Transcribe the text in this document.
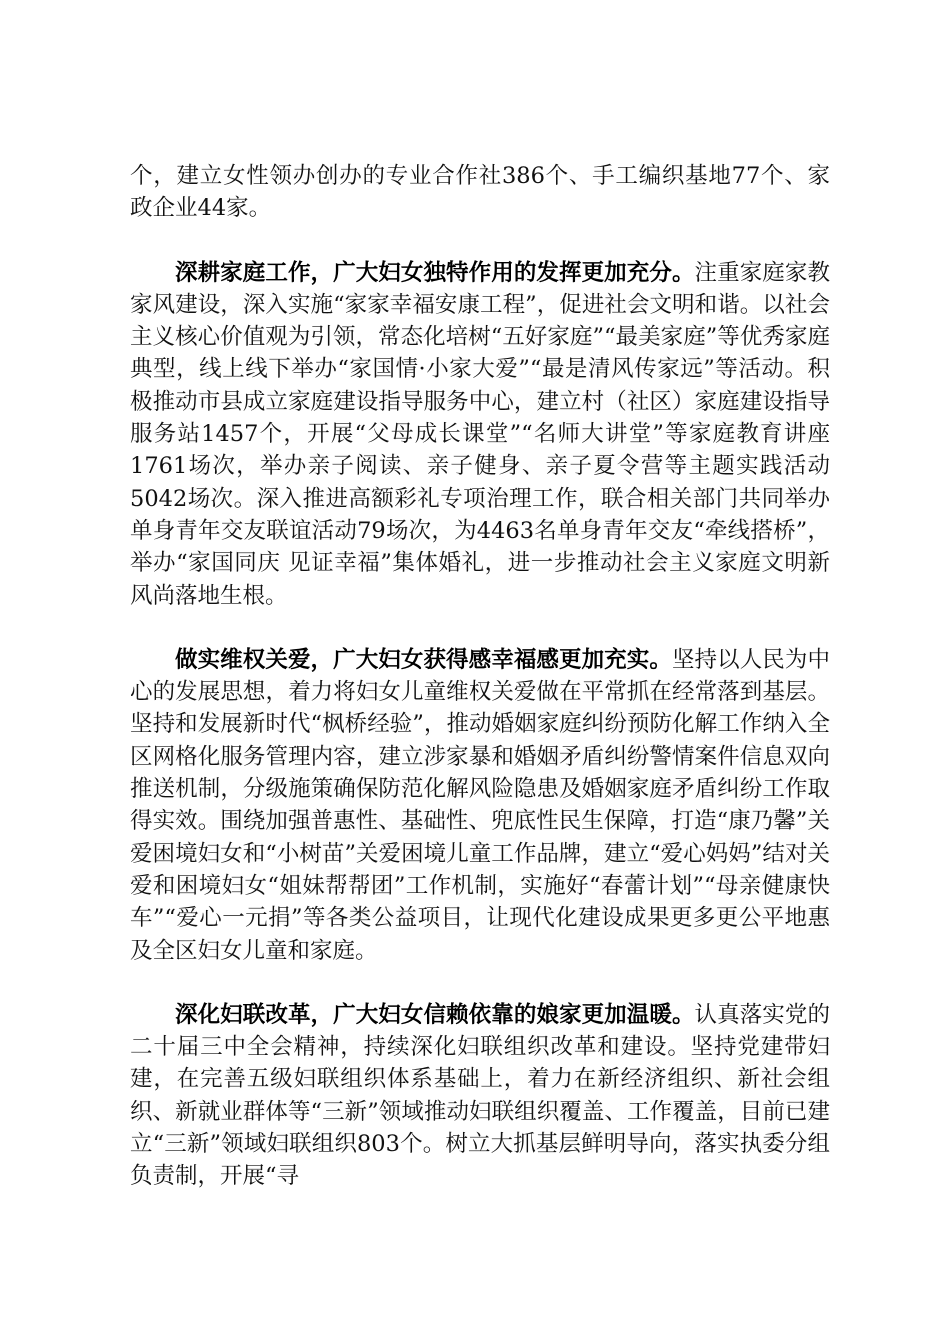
个，建立女性领办创办的专业合作社386个、手工编织基地77个、家政企业44家。

深耕家庭工作，广大妇女独特作用的发挥更加充分。注重家庭家教家风建设，深入实施“家家幸福安康工程”，促进社会文明和谐。以社会主义核心价值观为引领，常态化培树“五好家庭”“最美家庭”等优秀家庭典型，线上线下举办“家国情·小家大爱”“最是清风传家远”等活动。积极推动市县成立家庭建设指导服务中心，建立村（社区）家庭建设指导服务站1457个，开展“父母成长课堂”“名师大讲堂”等家庭教育讲座1761场次，举办亲子阅读、亲子健身、亲子夏令营等主题实践活动5042场次。深入推进高额彩礼专项治理工作，联合相关部门共同举办单身青年交友联谊活动79场次，为4463名单身青年交友“牵线搭桥”，举办“家国同庆 见证幸福”集体婚礼，进一步推动社会主义家庭文明新风尚落地生根。

做实维权关爱，广大妇女获得感幸福感更加充实。坚持以人民为中心的发展思想，着力将妇女儿童维权关爱做在平常抓在经常落到基层。坚持和发展新时代“枫桥经验”，推动婚姻家庭纠纷预防化解工作纳入全区网格化服务管理内容，建立涉家暴和婚姻矛盾纠纷警情案件信息双向推送机制，分级施策确保防范化解风险隐患及婚姻家庭矛盾纠纷工作取得实效。围绕加强普惠性、基础性、兜底性民生保障，打造“康乃馨”关爱困境妇女和“小树苗”关爱困境儿童工作品牌，建立“爱心妈妈”结对关爱和困境妇女“姐妹帮帮团”工作机制，实施好“春蕾计划”“母亲健康快车”“爱心一元捐”等各类公益项目，让现代化建设成果更多更公平地惠及全区妇女儿童和家庭。

深化妇联改革，广大妇女信赖依靠的娘家更加温暖。认真落实党的二十届三中全会精神，持续深化妇联组织改革和建设。坚持党建带妇建，在完善五级妇联组织体系基础上，着力在新经济组织、新社会组织、新就业群体等“三新”领域推动妇联组织覆盖、工作覆盖，目前已建立“三新”领域妇联组织803个。树立大抓基层鲜明导向，落实执委分组负责制，开展“寻
